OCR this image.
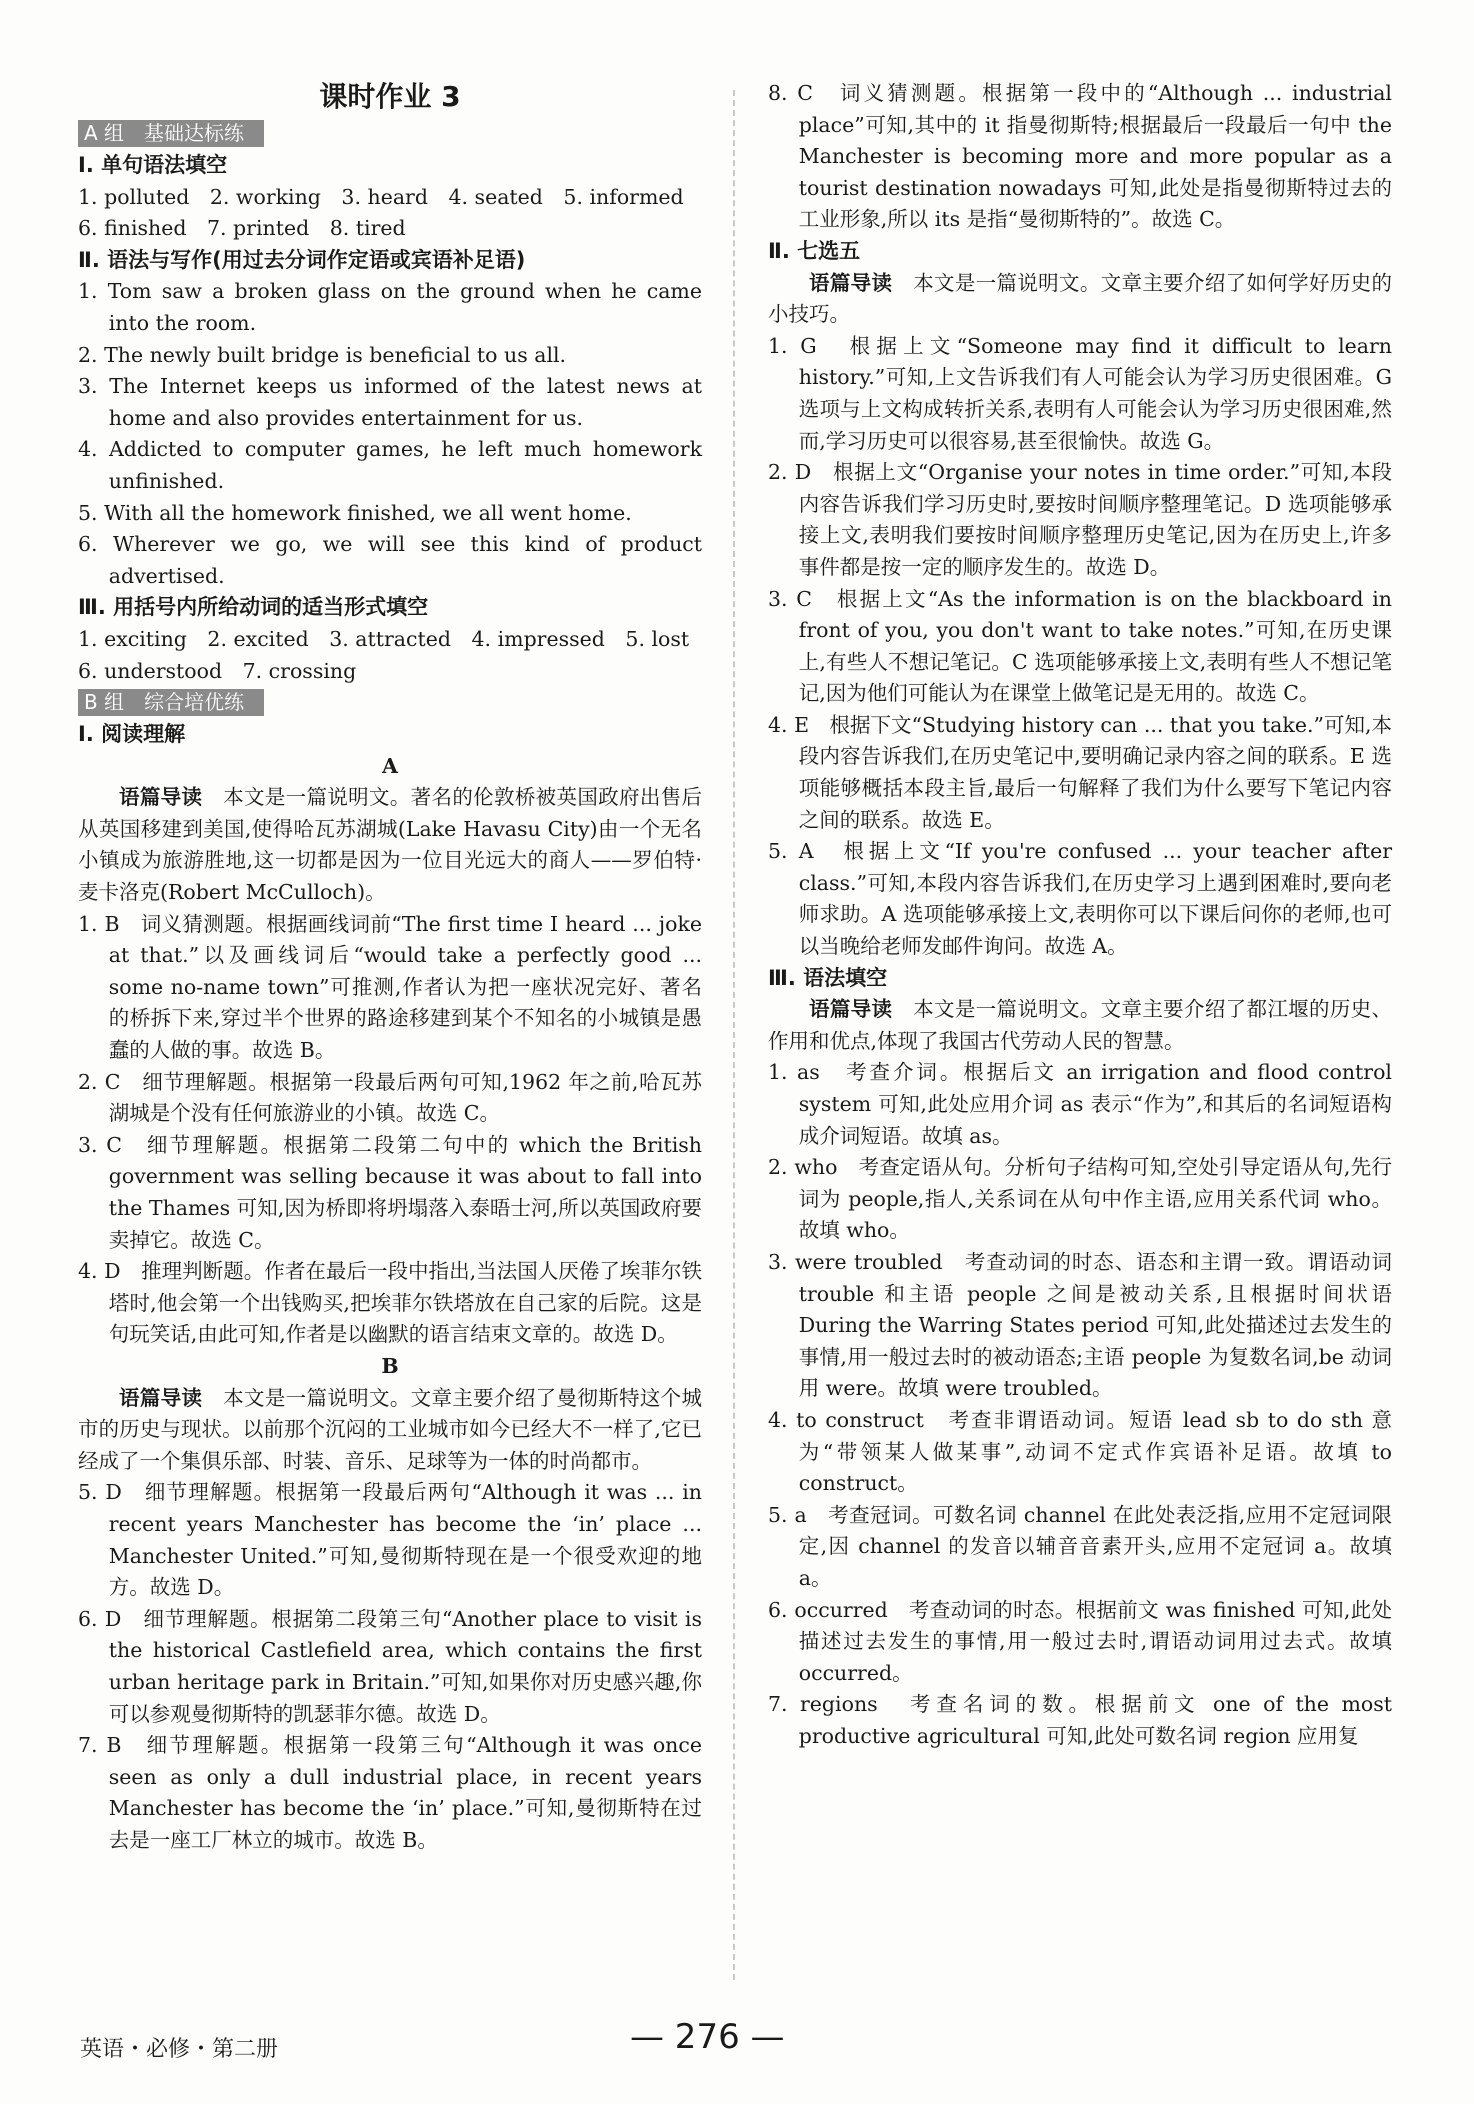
课时作业 3
A 组　基础达标练
Ⅰ. 单句语法填空
1. polluted　2. working　3. heard　4. seated　5. informed
6. finished　7. printed　8. tired
Ⅱ. 语法与写作(用过去分词作定语或宾语补足语)

1. Tom saw a broken glass on the ground when he came into the room.

2. The newly built bridge is beneficial to us all.

3. The Internet keeps us informed of the latest news at home and also provides entertainment for us.

4. Addicted to computer games, he left much homework unfinished.

5. With all the homework finished, we all went home.

6. Wherever we go, we will see this kind of product advertised.

Ⅲ. 用括号内所给动词的适当形式填空
1. exciting　2. excited　3. attracted　4. impressed　5. lost
6. understood　7. crossing
B 组　综合培优练
Ⅰ. 阅读理解
A

语篇导读　 本文是一篇说明文。著名的伦敦桥被英国政府出售后从英国移建到美国,使得哈瓦苏湖城(Lake Havasu City)由一个无名小镇成为旅游胜地,这一切都是因为一位目光远大的商人——罗伯特·麦卡洛克(Robert McCulloch)。

1. B　词义猜测题。根据画线词前“The first time I heard ... joke at that.”以及画线词后“would take a perfectly good ... some no-name town”可推测,作者认为把一座状况完好、著名的桥拆下来,穿过半个世界的路途移建到某个不知名的小城镇是愚蠢的人做的事。故选 B。

2. C　细节理解题。根据第一段最后两句可知,1962 年之前,哈瓦苏湖城是个没有任何旅游业的小镇。故选 C。

3. C　细节理解题。根据第二段第二句中的 which the British government was selling because it was about to fall into the Thames 可知,因为桥即将坍塌落入泰晤士河,所以英国政府要卖掉它。故选 C。

4. D　推理判断题。作者在最后一段中指出,当法国人厌倦了埃菲尔铁塔时,他会第一个出钱购买,把埃菲尔铁塔放在自己家的后院。这是句玩笑话,由此可知,作者是以幽默的语言结束文章的。故选 D。

B

语篇导读　 本文是一篇说明文。文章主要介绍了曼彻斯特这个城市的历史与现状。以前那个沉闷的工业城市如今已经大不一样了,它已经成了一个集俱乐部、时装、音乐、足球等为一体的时尚都市。

5. D　细节理解题。根据第一段最后两句“Although it was ... in recent years Manchester has become the ‘in’ place ... Manchester United.”可知,曼彻斯特现在是一个很受欢迎的地方。故选 D。

6. D　细节理解题。根据第二段第三句“Another place to visit is the historical Castlefield area, which contains the first urban heritage park in Britain.”可知,如果你对历史感兴趣,你可以参观曼彻斯特的凯瑟菲尔德。故选 D。

7. B　细节理解题。根据第一段第三句“Although it was once seen as only a dull industrial place, in recent years Manchester has become the ‘in’ place.”可知,曼彻斯特在过去是一座工厂林立的城市。故选 B。

8. C　词义猜测题。根据第一段中的“Although ... industrial place”可知,其中的 it 指曼彻斯特;根据最后一段最后一句中 the Manchester is becoming more and more popular as a tourist destination nowadays 可知,此处是指曼彻斯特过去的工业形象,所以 its 是指“曼彻斯特的”。故选 C。

Ⅱ. 七选五

语篇导读　 本文是一篇说明文。文章主要介绍了如何学好历史的小技巧。

1. G　根据上文“Someone may find it difficult to learn history.”可知,上文告诉我们有人可能会认为学习历史很困难。G 选项与上文构成转折关系,表明有人可能会认为学习历史很困难,然而,学习历史可以很容易,甚至很愉快。故选 G。

2. D　根据上文“Organise your notes in time order.”可知,本段内容告诉我们学习历史时,要按时间顺序整理笔记。D 选项能够承接上文,表明我们要按时间顺序整理历史笔记,因为在历史上,许多事件都是按一定的顺序发生的。故选 D。

3. C　根据上文“As the information is on the blackboard in front of you, you don't want to take notes.”可知,在历史课上,有些人不想记笔记。C 选项能够承接上文,表明有些人不想记笔记,因为他们可能认为在课堂上做笔记是无用的。故选 C。

4. E　根据下文“Studying history can ... that you take.”可知,本段内容告诉我们,在历史笔记中,要明确记录内容之间的联系。E 选项能够概括本段主旨,最后一句解释了我们为什么要写下笔记内容之间的联系。故选 E。

5. A　根据上文“If you're confused ... your teacher after class.”可知,本段内容告诉我们,在历史学习上遇到困难时,要向老师求助。A 选项能够承接上文,表明你可以下课后问你的老师,也可以当晚给老师发邮件询问。故选 A。

Ⅲ. 语法填空

语篇导读　 本文是一篇说明文。文章主要介绍了都江堰的历史、作用和优点,体现了我国古代劳动人民的智慧。

1. as　考查介词。根据后文 an irrigation and flood control system 可知,此处应用介词 as 表示“作为”,和其后的名词短语构成介词短语。故填 as。

2. who　考查定语从句。分析句子结构可知,空处引导定语从句,先行词为 people,指人,关系词在从句中作主语,应用关系代词 who。故填 who。

3. were troubled　考查动词的时态、语态和主谓一致。谓语动词 trouble 和主语 people 之间是被动关系,且根据时间状语 During the Warring States period 可知,此处描述过去发生的事情,用一般过去时的被动语态;主语 people 为复数名词,be 动词用 were。故填 were troubled。

4. to construct　考查非谓语动词。短语 lead sb to do sth 意为“带领某人做某事”,动词不定式作宾语补足语。故填 to construct。

5. a　考查冠词。可数名词 channel 在此处表泛指,应用不定冠词限定,因 channel 的发音以辅音音素开头,应用不定冠词 a。故填 a。

6. occurred　考查动词的时态。根据前文 was finished 可知,此处描述过去发生的事情,用一般过去时,谓语动词用过去式。故填 occurred。

7. regions　考查名词的数。根据前文 one of the most productive agricultural 可知,此处可数名词 region 应用复

英语・必修・第二册	— 276 —
